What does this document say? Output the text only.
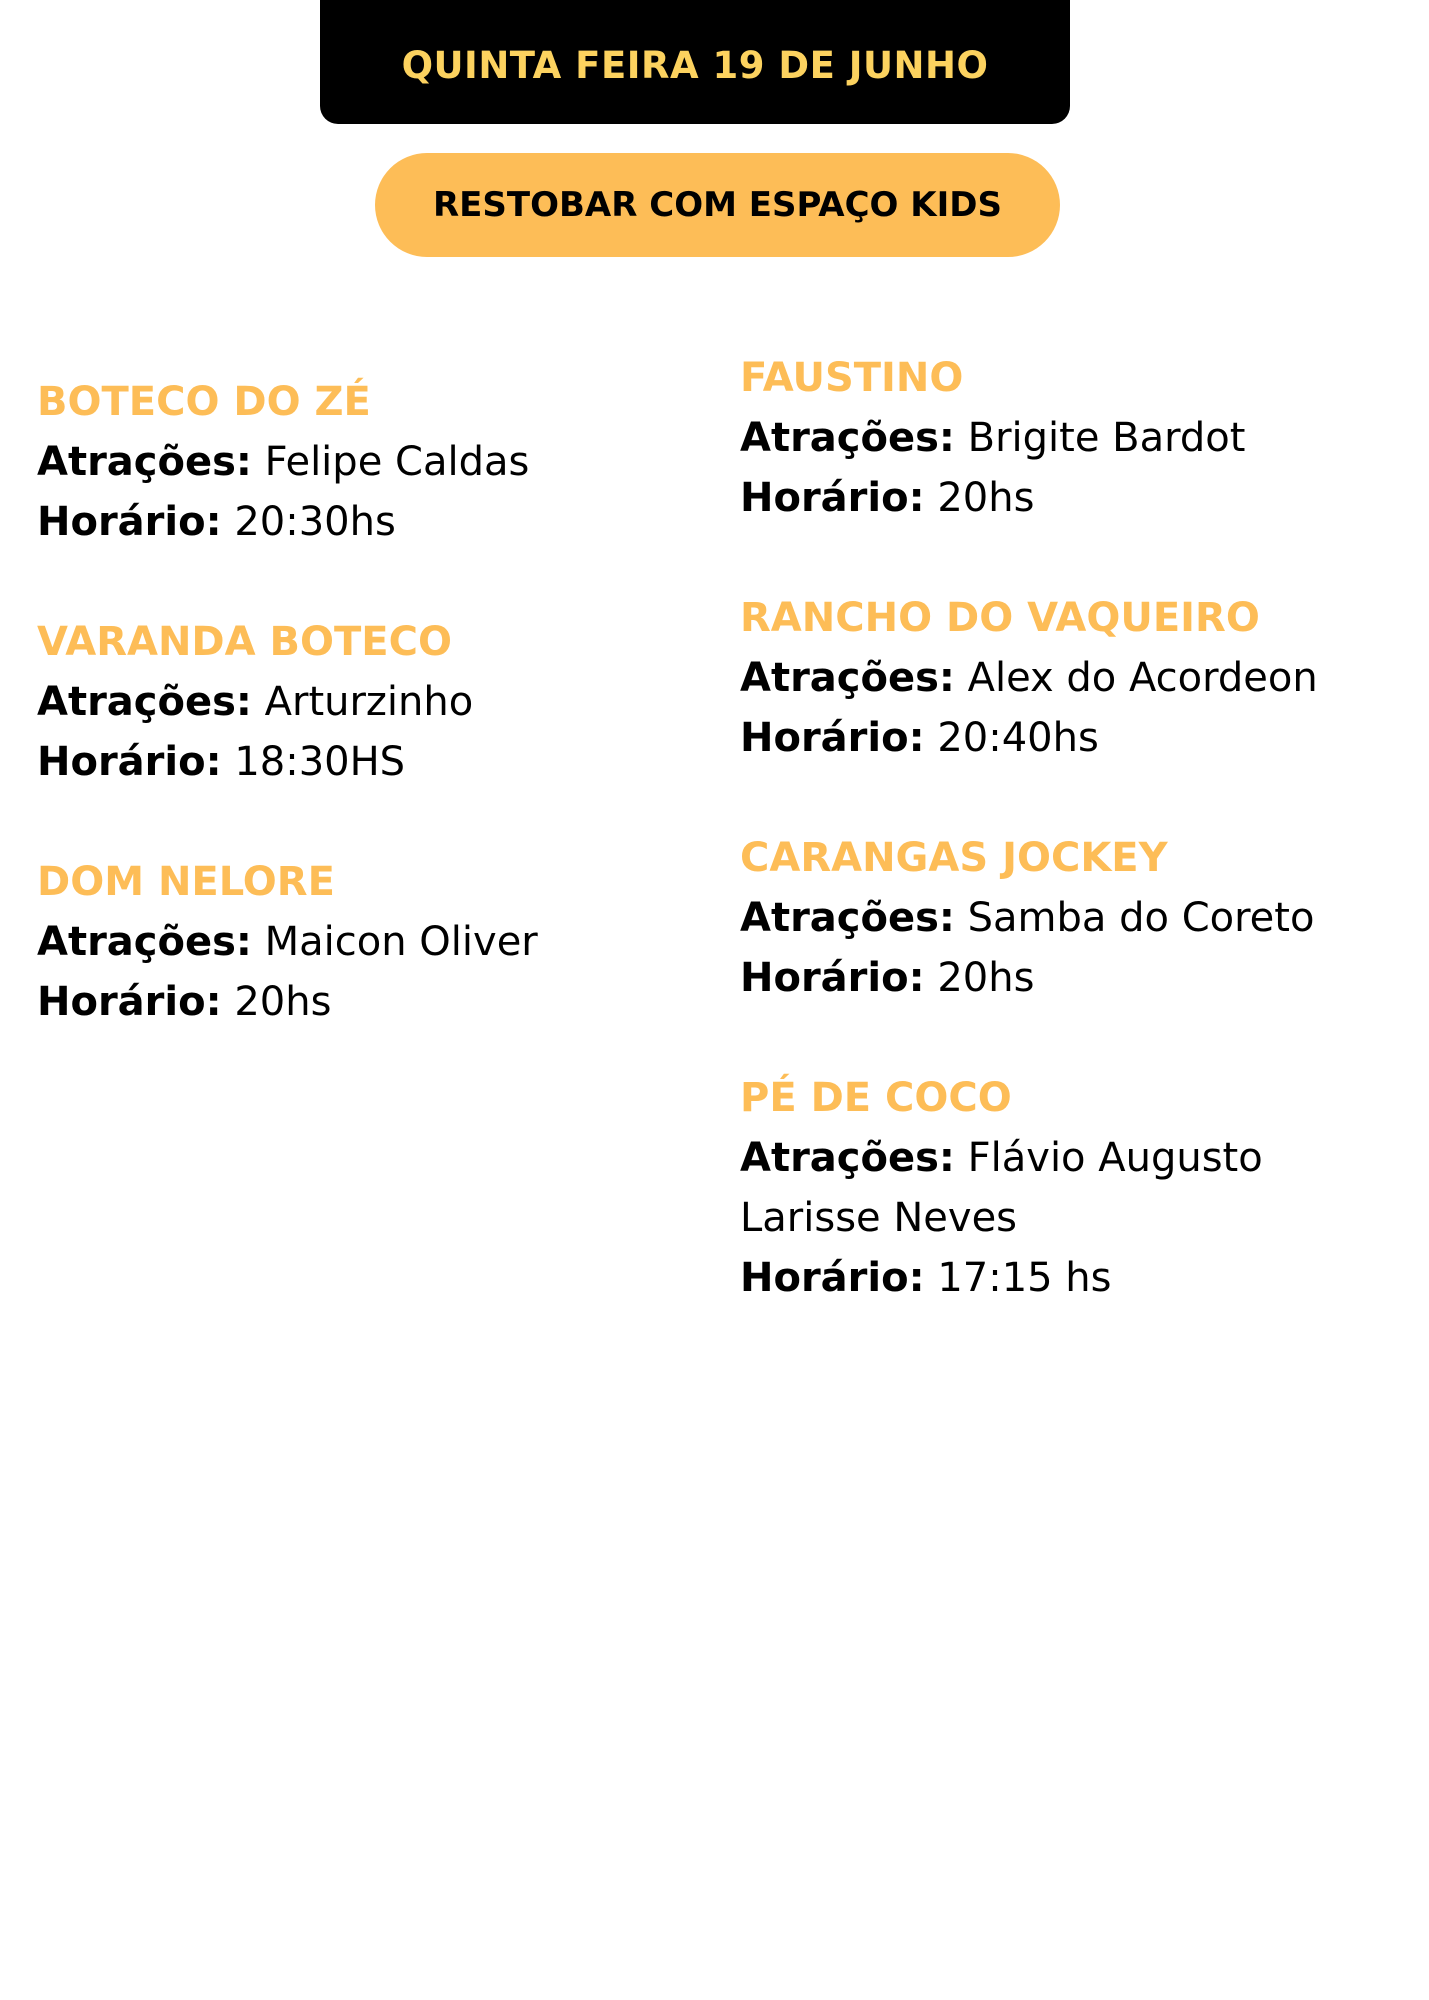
QUINTA FEIRA 19 DE JUNHO
RESTOBAR COM ESPAÇO KIDS
BOTECO DO ZÉ
Atrações: Felipe Caldas
Horário: 20:30hs
VARANDA BOTECO
Atrações: Arturzinho
Horário: 18:30HS
DOM NELORE
Atrações: Maicon Oliver
Horário: 20hs
FAUSTINO
Atrações: Brigite Bardot
Horário: 20hs
RANCHO DO VAQUEIRO
Atrações: Alex do Acordeon
Horário: 20:40hs
CARANGAS JOCKEY
Atrações: Samba do Coreto
Horário: 20hs
PÉ DE COCO
Atrações: Flávio Augusto
Larisse Neves
Horário: 17:15 hs
